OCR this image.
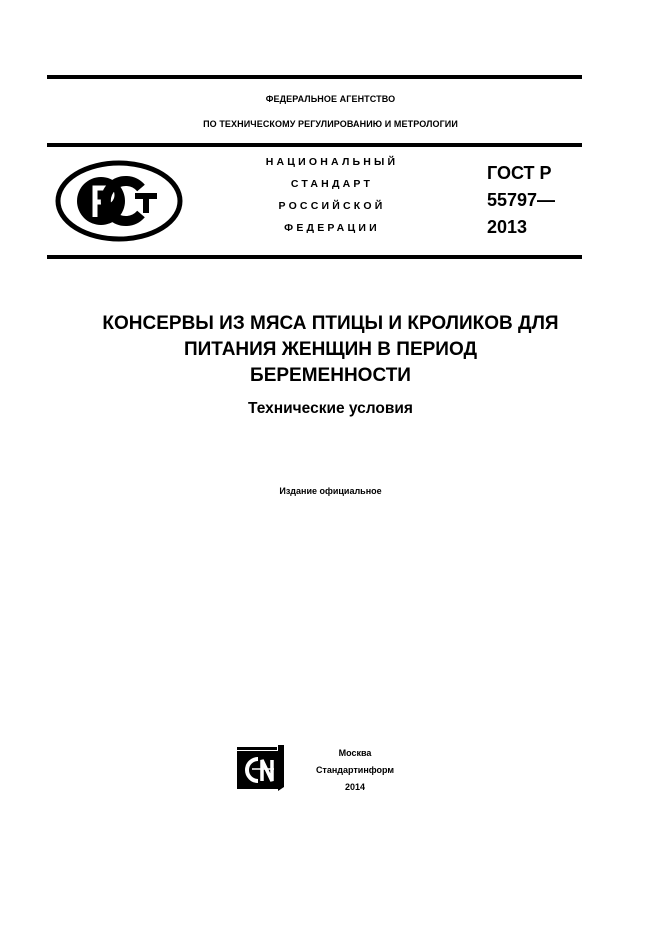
ФЕДЕРАЛЬНОЕ АГЕНТСТВО
ПО ТЕХНИЧЕСКОМУ РЕГУЛИРОВАНИЮ И МЕТРОЛОГИИ
НАЦИОНАЛЬНЫЙ
СТАНДАРТ
РОССИЙСКОЙ
ФЕДЕРАЦИИ
ГОСТ Р
55797—
2013
КОНСЕРВЫ ИЗ МЯСА ПТИЦЫ И КРОЛИКОВ ДЛЯ
ПИТАНИЯ ЖЕНЩИН В ПЕРИОД
БЕРЕМЕННОСТИ
Технические условия
Издание официальное
Москва
Стандартинформ
2014
